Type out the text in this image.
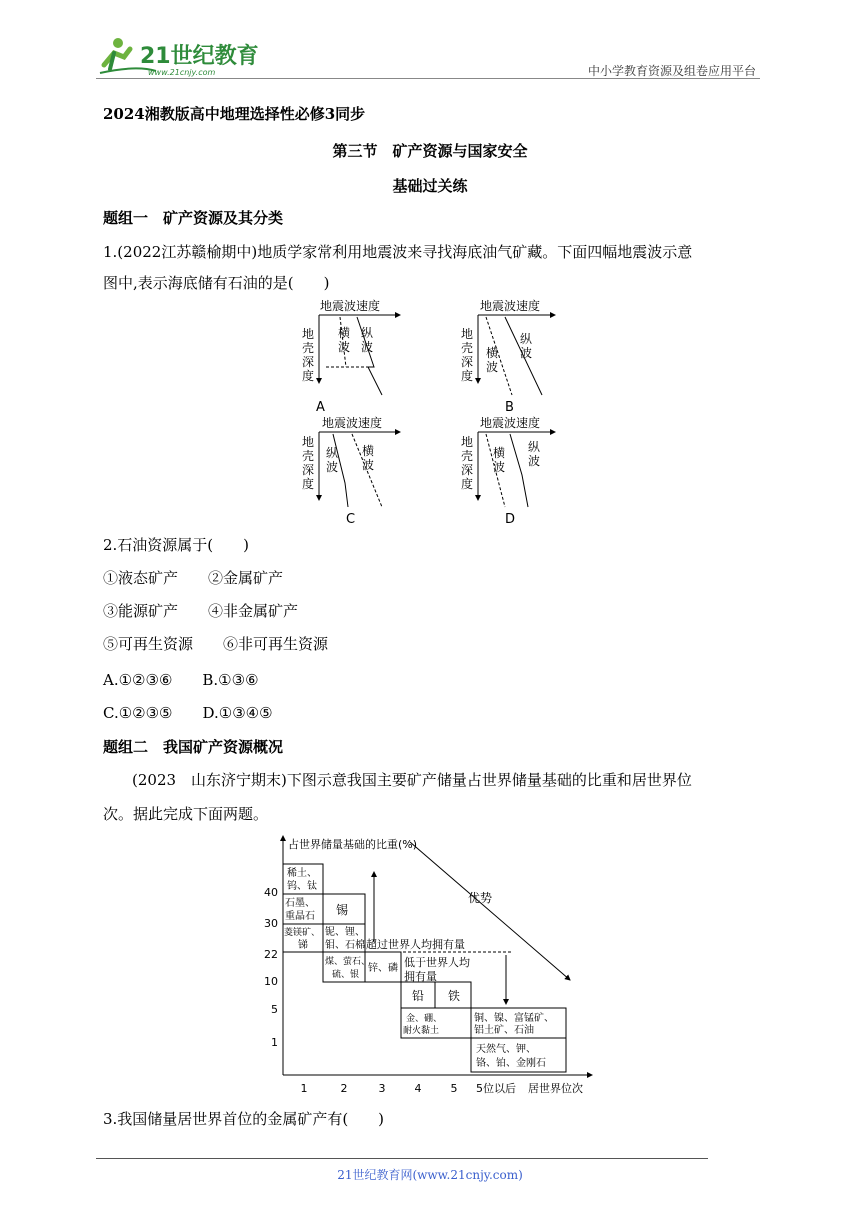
21世纪教育
www.21cnjy.com	中小学教育资源及组卷应用平台
2024湘教版高中地理选择性必修3同步
第三节　矿产资源与国家安全
基础过关练
题组一　矿产资源及其分类
1.(2022江苏赣榆期中)地质学家常利用地震波来寻找海底油气矿藏。下面四幅地震波示意
图中,表示海底储有石油的是(　　)
地震波速度
地
壳
深
度
横
波
纵
波
A
地震波速度
地
壳
深
度
横
波
纵
波
B
地震波速度
地
壳
深
度
纵
波
横
波
C
地震波速度
地
壳
深
度
横
波
纵
波
D
2.石油资源属于(　　)
①液态矿产　　②金属矿产
③能源矿产　　④非金属矿产
⑤可再生资源　　⑥非可再生资源
A.①②③⑥　　B.①③⑥
C.①②③⑤　　D.①③④⑤
题组二　我国矿产资源概况
(2023　山东济宁期末)下图示意我国主要矿产储量占世界储量基础的比重和居世界位
次。据此完成下面两题。
占世界储量基础的比重(%)
40
30
22
10
5
1
1	2	3	4	5 5位以后 居世界位次
稀土、
钨、钛
石墨、
重晶石
菱镁矿、
锑
锡
铌、锂、
钼、石棉
煤、萤石、
硫、银
锌、磷
铅 铁
金、硼、
耐火黏土
铜、镍、富锰矿、
铝土矿、石油
天然气、钾、
铬、铂、金刚石
优势
超过世界人均拥有量
低于世界人均
拥有量
3.我国储量居世界首位的金属矿产有(　　)
21世纪教育网(www.21cnjy.com)
